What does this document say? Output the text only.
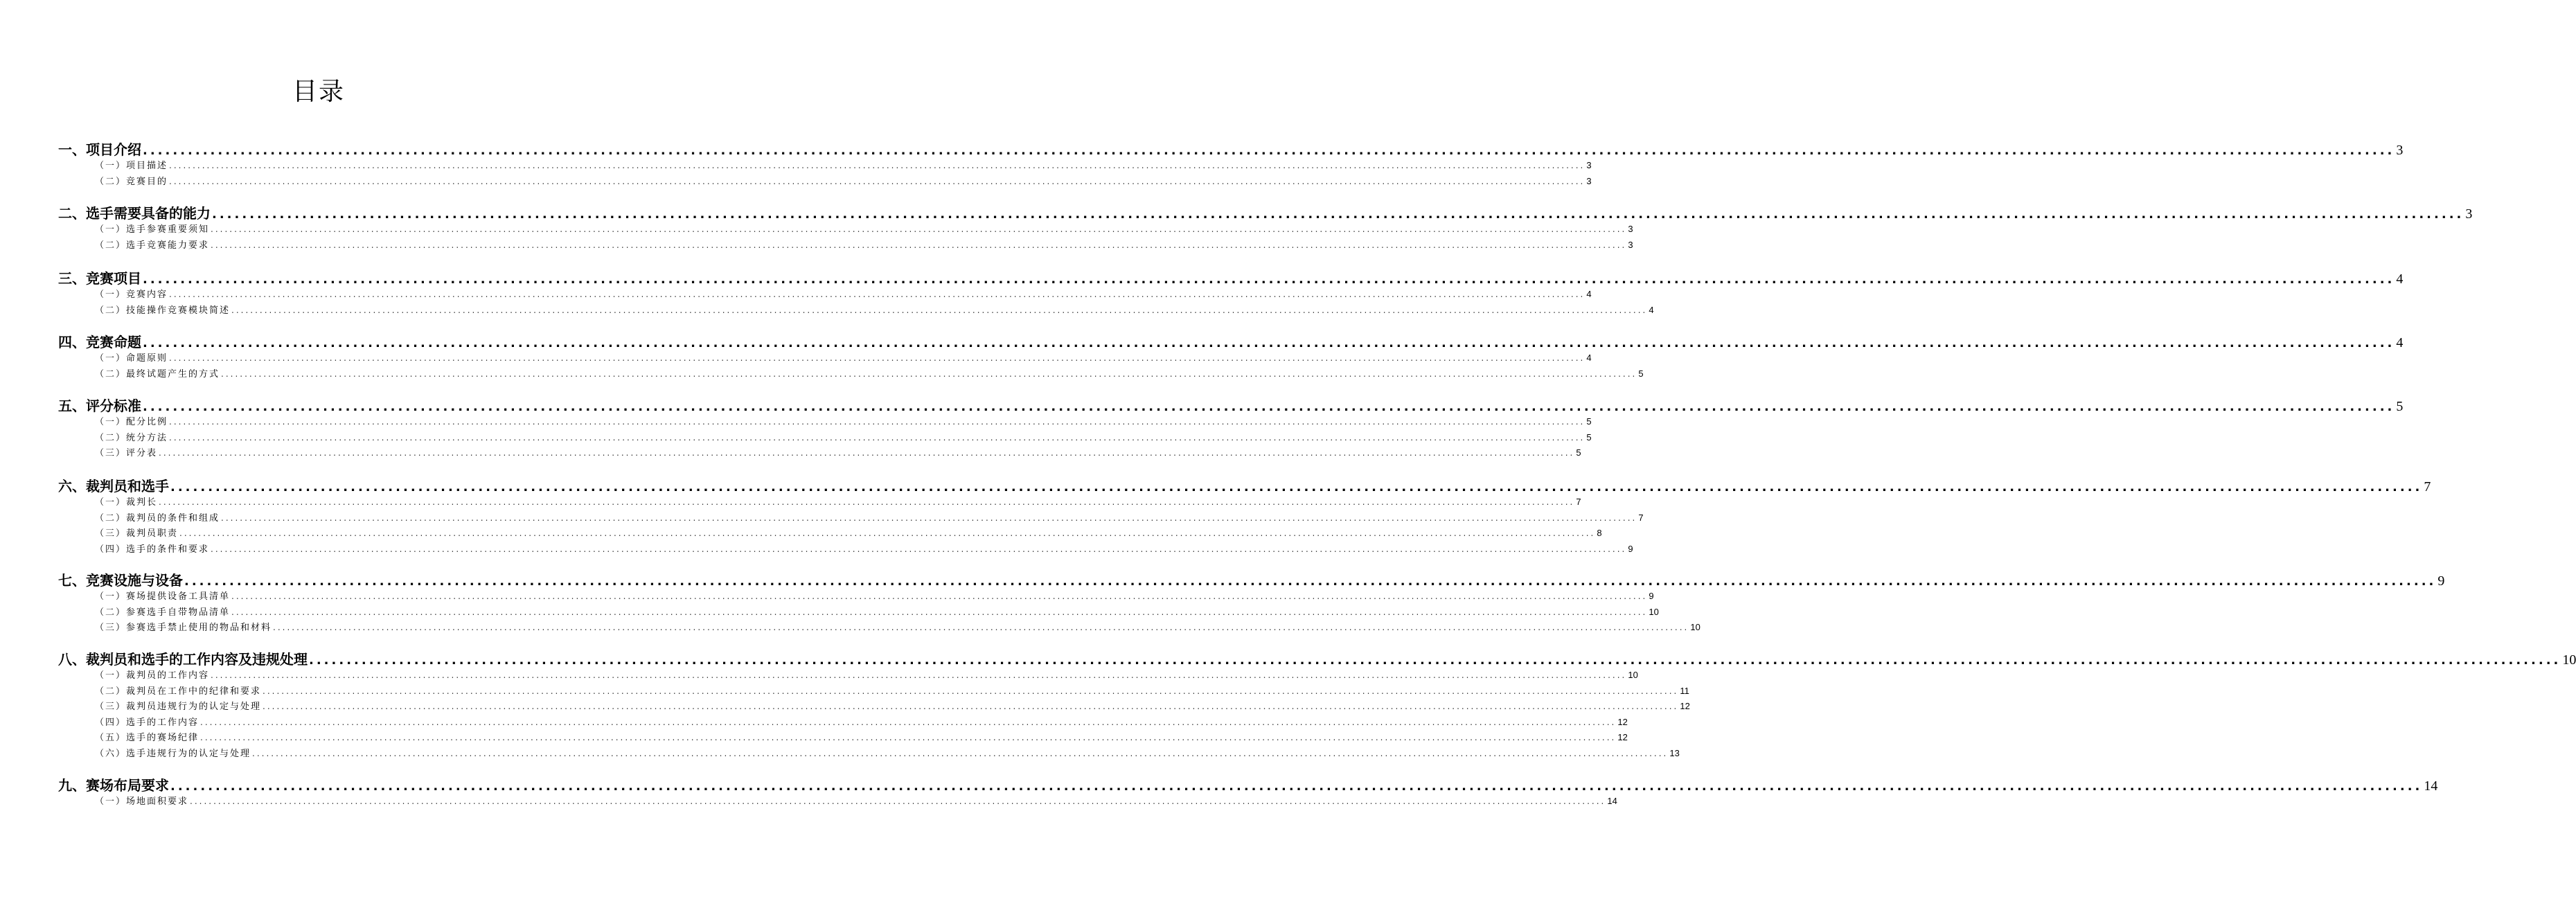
目录
一、项目介绍 ............................................................................................................................................................................................................................................................................................................ 3
（一）项目描述 ............................................................................................................................................................................................................................................................................................................ 3
（二）竞赛目的 ............................................................................................................................................................................................................................................................................................................ 3
二、选手需要具备的能力 ............................................................................................................................................................................................................................................................................................................ 3
（一）选手参赛重要须知 ............................................................................................................................................................................................................................................................................................................ 3
（二）选手竞赛能力要求 ............................................................................................................................................................................................................................................................................................................ 3
三、竞赛项目 ............................................................................................................................................................................................................................................................................................................ 4
（一）竞赛内容 ............................................................................................................................................................................................................................................................................................................ 4
（二）技能操作竞赛模块简述 ............................................................................................................................................................................................................................................................................................................ 4
四、竞赛命题 ............................................................................................................................................................................................................................................................................................................ 4
（一）命题原则 ............................................................................................................................................................................................................................................................................................................ 4
（二）最终试题产生的方式 ............................................................................................................................................................................................................................................................................................................ 5
五、评分标准 ............................................................................................................................................................................................................................................................................................................ 5
（一）配分比例 ............................................................................................................................................................................................................................................................................................................ 5
（二）统分方法 ............................................................................................................................................................................................................................................................................................................ 5
（三）评分表 ............................................................................................................................................................................................................................................................................................................ 5
六、裁判员和选手 ............................................................................................................................................................................................................................................................................................................ 7
（一）裁判长 ............................................................................................................................................................................................................................................................................................................ 7
（二）裁判员的条件和组成 ............................................................................................................................................................................................................................................................................................................ 7
（三）裁判员职责 ............................................................................................................................................................................................................................................................................................................ 8
（四）选手的条件和要求 ............................................................................................................................................................................................................................................................................................................ 9
七、竞赛设施与设备 ............................................................................................................................................................................................................................................................................................................ 9
（一）赛场提供设备工具清单 ............................................................................................................................................................................................................................................................................................................ 9
（二）参赛选手自带物品清单 ............................................................................................................................................................................................................................................................................................................ 10
（三）参赛选手禁止使用的物品和材料 ............................................................................................................................................................................................................................................................................................................ 10
八、裁判员和选手的工作内容及违规处理 ............................................................................................................................................................................................................................................................................................................ 10
（一）裁判员的工作内容 ............................................................................................................................................................................................................................................................................................................ 10
（二）裁判员在工作中的纪律和要求 ............................................................................................................................................................................................................................................................................................................ 11
（三）裁判员违规行为的认定与处理 ............................................................................................................................................................................................................................................................................................................ 12
（四）选手的工作内容 ............................................................................................................................................................................................................................................................................................................ 12
（五）选手的赛场纪律 ............................................................................................................................................................................................................................................................................................................ 12
（六）选手违规行为的认定与处理 ............................................................................................................................................................................................................................................................................................................ 13
九、赛场布局要求 ............................................................................................................................................................................................................................................................................................................ 14
（一）场地面积要求 ............................................................................................................................................................................................................................................................................................................ 14
